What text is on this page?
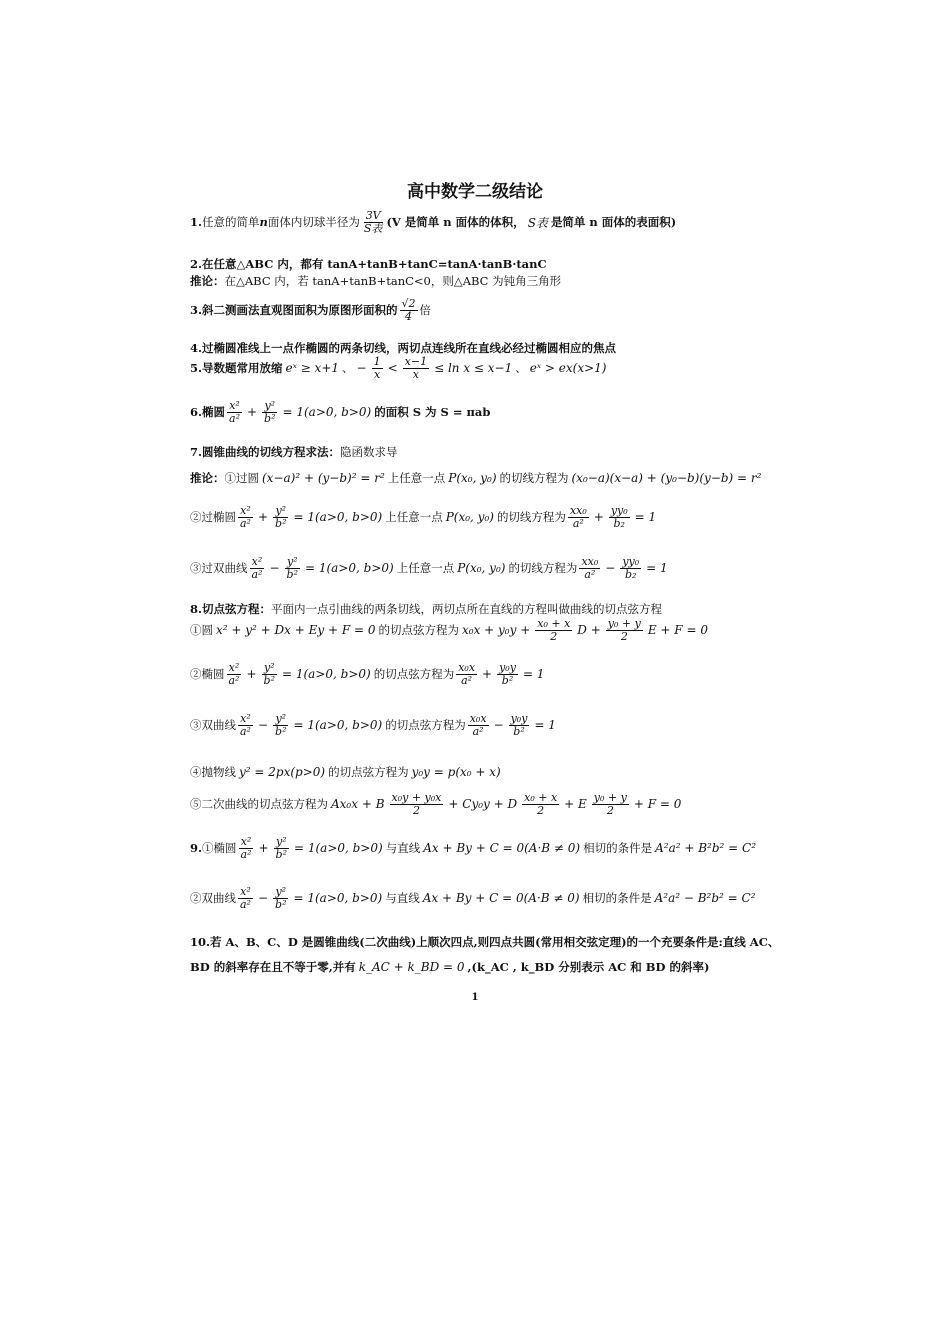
高中数学二级结论
1. 任意的简单 n 面体内切球半径为 3V
S表 (V 是简单 n 面体的体积， S表 是简单 n 面体的表面积)
2. 在任意△ABC 内，都有 tanA+tanB+tanC=tanA·tanB·tanC
推论： 在△ABC 内，若 tanA+tanB+tanC<0，则△ABC 为钝角三角形
3. 斜二测画法直观图面积为原图形面积的 √2
4 倍
4. 过椭圆准线上一点作椭圆的两条切线，两切点连线所在直线必经过椭圆相应的焦点
5. 导数题常用放缩 eˣ ≥ x+1 、 − $\frac{1}{x} < \frac{x-1}{x} \le \ln x \le x-1$ 、 eˣ > ex(x>1)
6. 椭圆 x²
$a^2 + \frac{\text{y²}}{\text{b²}} = 1(a>0$, b>0) 的面积 S 为 S = πab
7. 圆锥曲线的切线方程求法： 隐函数求导
推论： ①过圆 (x−a)² + (y−b)² = r² 上任意一点 P(x₀, y₀) 的切线方程为 (x₀−a)(x−a) + (y₀−b)(y−b) = r²
②过椭圆 x²
$a^2 + \frac{\text{y²}}{\text{b²}} = 1(a>0$, b>0) 上任意一点 P(x₀, y₀) 的切线方程为 xx₀
$a^2 + \frac{\text{yy₀}}{\text{b₂}} = 1$
③过双曲线 x²
$a^2 - \frac{\text{y²}}{\text{b²}} = 1(a>0$, b>0) 上任意一点 P(x₀, y₀) 的切线方程为 xx₀
$a^2 - \frac{\text{yy₀}}{\text{b₂}} = 1$
8. 切点弦方程： 平面内一点引曲线的两条切线，两切点所在直线的方程叫做曲线的切点弦方程
①圆 x² + y² + Dx + Ey + F = 0 的切点弦方程为 $x_0x + y_0y + \frac{\text{x₀ + x}}{2}$ $D + \frac{\text{y₀ + y}}{2}$ E + F = 0
②椭圆 x²
$a^2 + \frac{\text{y²}}{\text{b²}} = 1(a>0$, b>0) 的切点弦方程为 x₀x
$a^2 + \frac{\text{y₀y}}{\text{b²}} = 1$
③双曲线 x²
$a^2 - \frac{\text{y²}}{\text{b²}} = 1(a>0$, b>0) 的切点弦方程为 x₀x
$a^2 - \frac{\text{y₀y}}{\text{b²}} = 1$
④抛物线 y² = 2px(p>0) 的切点弦方程为 y₀y = p(x₀ + x)
⑤二次曲线的切点弦方程为 Ax₀x + B x₀y + y₀x
2 + Cy₀y + D x₀ + x
2 + E y₀ + y
2 + F = 0
9. ①椭圆 x²
$a^2 + \frac{\text{y²}}{\text{b²}} = 1(a>0$, b>0) 与直线 Ax + By + C = 0(A·B ≠ 0) 相切的条件是 A²a² + B²b² = C²
②双曲线 x²
$a^2 - \frac{\text{y²}}{\text{b²}} = 1(a>0$, b>0) 与直线 Ax + By + C = 0(A·B ≠ 0) 相切的条件是 A²a² − B²b² = C²
10. 若 A、B、C、D 是圆锥曲线(二次曲线)上顺次四点,则四点共圆(常用相交弦定理)的一个充要条件是:直线 AC、
BD 的斜率存在且不等于零,并有 k_AC + k_BD = 0 ,(k_AC , k_BD 分别表示 AC 和 BD 的斜率)
1
